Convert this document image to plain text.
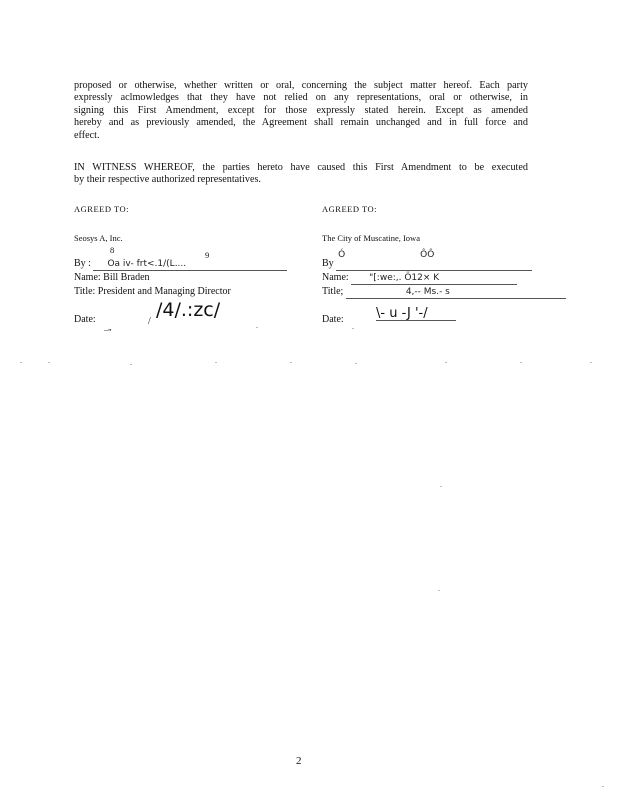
proposed or otherwise, whether written or oral, concerning the subject matter hereof. Each party
expressly aclmowledges that they have not relied on any representations, oral or otherwise, in
signing this First Amendment, except for those expressly stated herein. Except as amended
hereby and as previously amended, the Agreement shall remain unchanged and in full force and
effect.
IN WITNESS WHEREOF, the parties hereto have caused this First Amendment to be executed
by their respective authorized representatives.
AGREED TO:
Seosys A, Inc.
8	9
By : Oa iv- frt<.1/(L....
Name: Bill Braden
Title: President and Managing Director
Date:
_„
/
/4/.:zc/
AGREED TO:
The City of Muscatine, Iowa
By
Ó	ÔÔ

Name: "[:we:,. Ö12× K
Title;	4,-- Ms.- s
Date: \- u -J '-/
2
